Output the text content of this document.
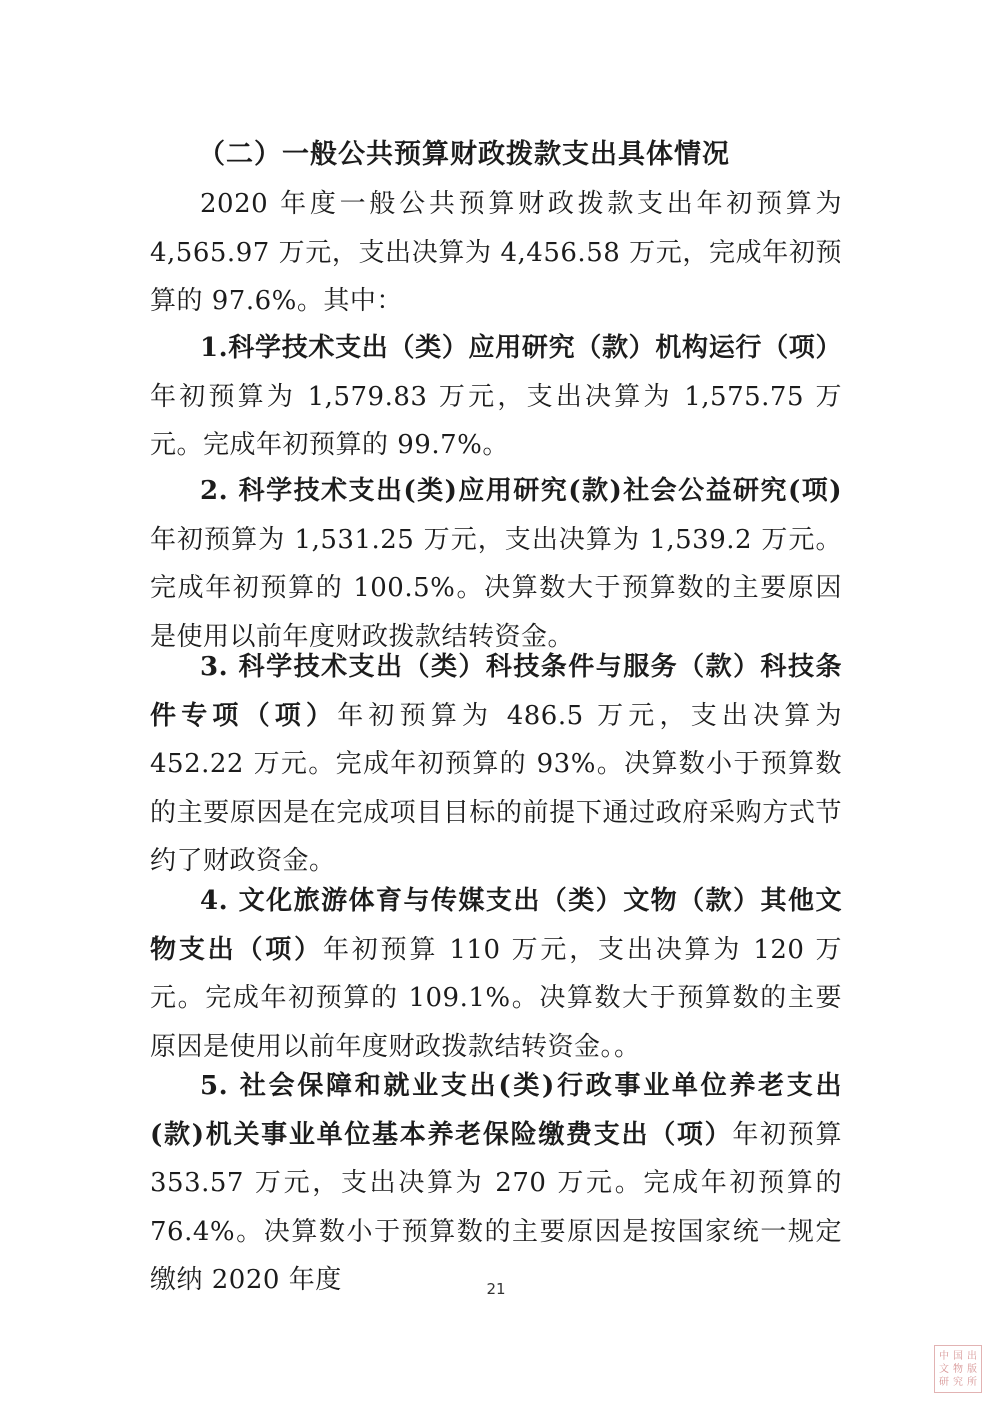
（二）一般公共预算财政拨款支出具体情况

2020 年度一般公共预算财政拨款支出年初预算为 4,565.97 万元，支出决算为 4,456.58 万元，完成年初预算的 97.6%。其中：

1.科学技术支出（类）应用研究（款）机构运行（项）年初预算为 1,579.83 万元，支出决算为 1,575.75 万元。完成年初预算的 99.7%。

2. 科学技术支出(类)应用研究(款)社会公益研究(项)年初预算为 1,531.25 万元，支出决算为 1,539.2 万元。完成年初预算的 100.5%。决算数大于预算数的主要原因是使用以前年度财政拨款结转资金。

3. 科学技术支出（类）科技条件与服务（款）科技条件专项（项）年初预算为 486.5 万元，支出决算为 452.22 万元。完成年初预算的 93%。决算数小于预算数的主要原因是在完成项目目标的前提下通过政府采购方式节约了财政资金。

4. 文化旅游体育与传媒支出（类）文物（款）其他文物支出（项）年初预算 110 万元，支出决算为 120 万元。完成年初预算的 109.1%。决算数大于预算数的主要原因是使用以前年度财政拨款结转资金。。

5. 社会保障和就业支出(类)行政事业单位养老支出(款)机关事业单位基本养老保险缴费支出（项）年初预算 353.57 万元，支出决算为 270 万元。完成年初预算的 76.4%。决算数小于预算数的主要原因是按国家统一规定缴纳 2020 年度	21
中 国 出
文 物 版
研 究 所
